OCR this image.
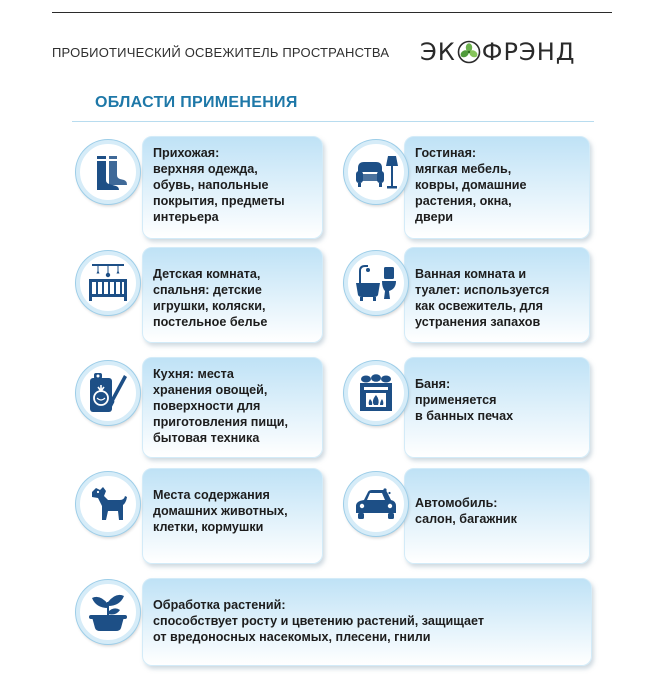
ПРОБИОТИЧЕСКИЙ ОСВЕЖИТЕЛЬ ПРОСТРАНСТВА ЭК ФРЭНД
ОБЛАСТИ ПРИМЕНЕНИЯ
Прихожая:
верхняя одежда,
обувь, напольные
покрытия, предметы
интерьера
Гостиная:
мягкая мебель,
ковры, домашние
растения, окна,
двери
Детская комната,
спальня: детские
игрушки, коляски,
постельное белье
Ванная комната и
туалет: используется
как освежитель, для
устранения запахов
Кухня: места
хранения овощей,
поверхности для
приготовления пищи,
бытовая техника
Баня:
применяется
в банных печах
Места содержания
домашних животных,
клетки, кормушки
Автомобиль:
салон, багажник
Обработка растений:
способствует росту и цветению растений, защищает
от вредоносных насекомых, плесени, гнили
